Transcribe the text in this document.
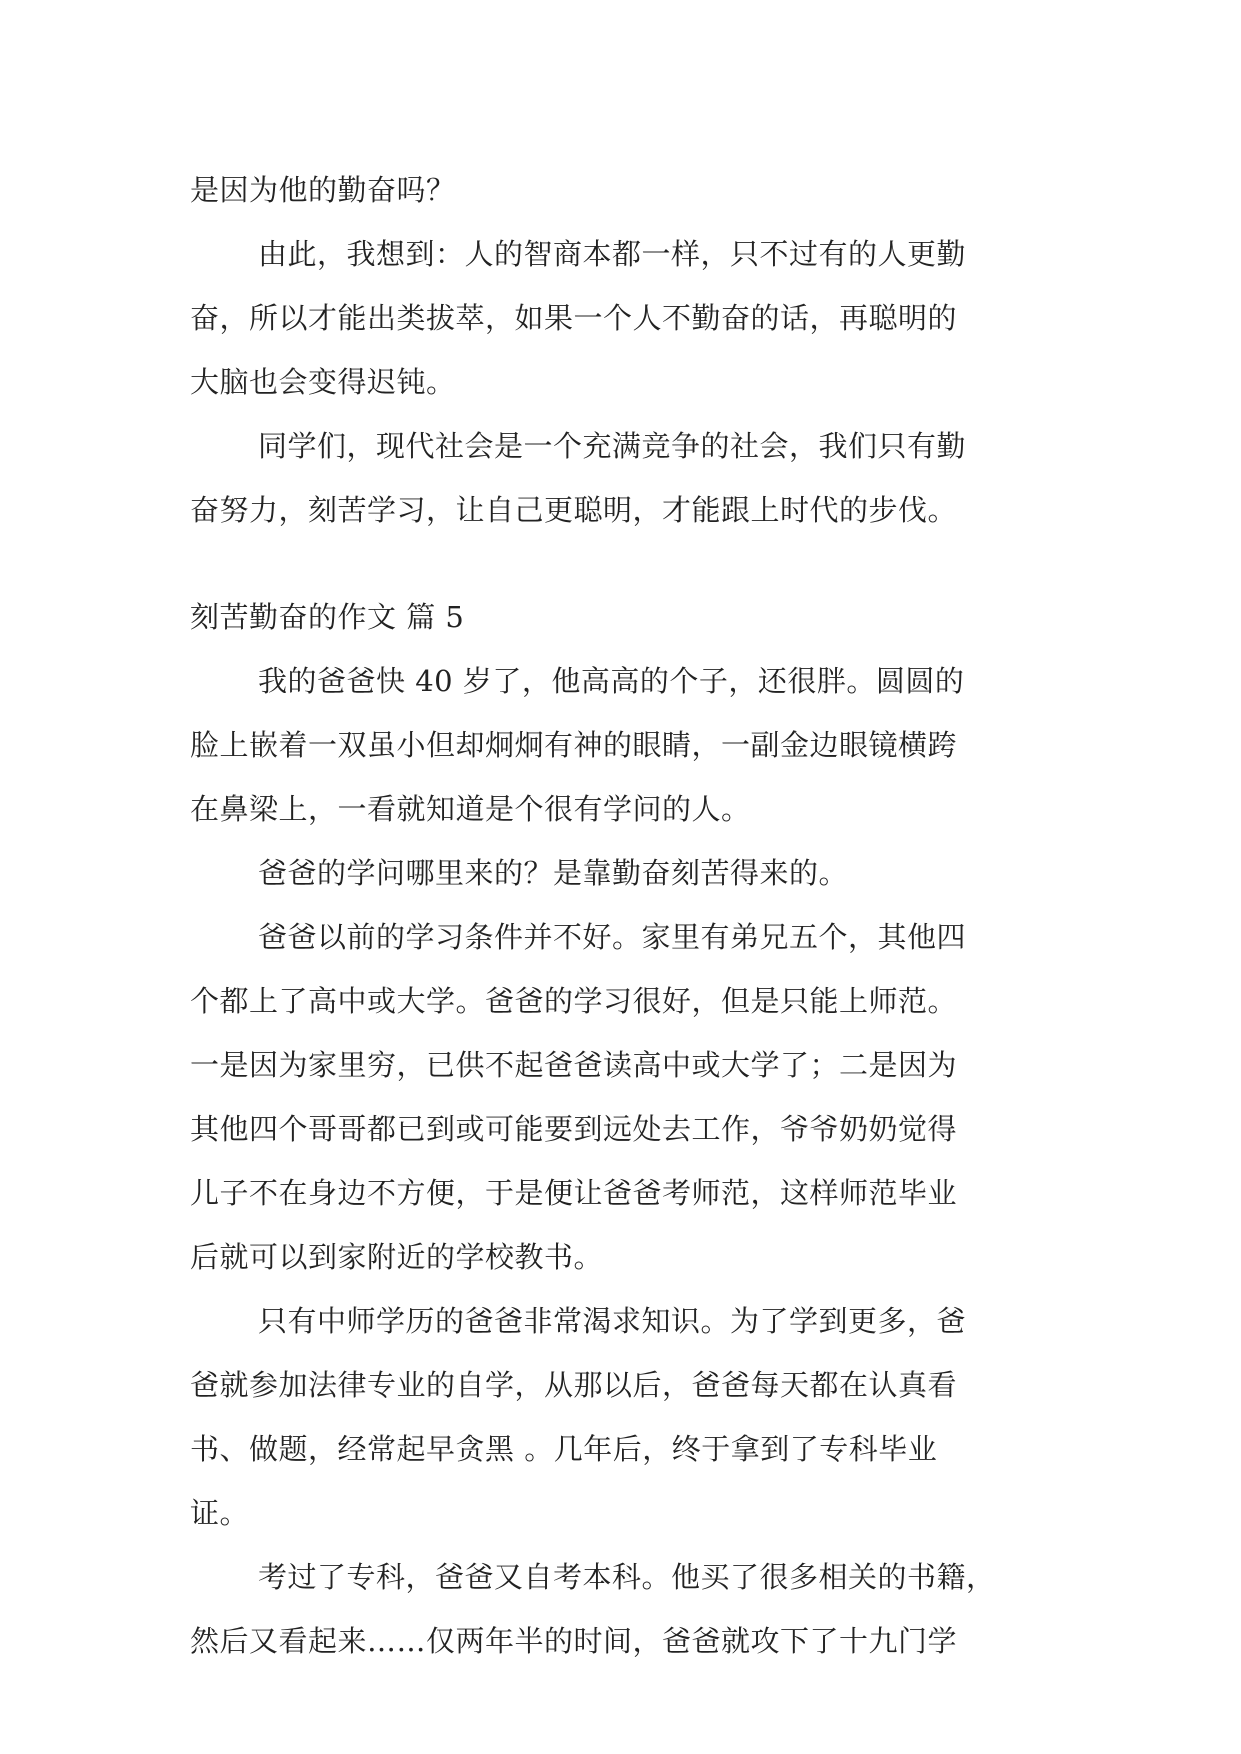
是因为他的勤奋吗？
由此，我想到：人的智商本都一样，只不过有的人更勤
奋，所以才能出类拔萃，如果一个人不勤奋的话，再聪明的
大脑也会变得迟钝。
同学们，现代社会是一个充满竞争的社会，我们只有勤
奋努力，刻苦学习，让自己更聪明，才能跟上时代的步伐。
刻苦勤奋的作文 篇 5
我的爸爸快 40 岁了，他高高的个子，还很胖。圆圆的
脸上嵌着一双虽小但却炯炯有神的眼睛，一副金边眼镜横跨
在鼻梁上，一看就知道是个很有学问的人。
爸爸的学问哪里来的？是靠勤奋刻苦得来的。
爸爸以前的学习条件并不好。家里有弟兄五个，其他四
个都上了高中或大学。爸爸的学习很好，但是只能上师范。
一是因为家里穷，已供不起爸爸读高中或大学了；二是因为
其他四个哥哥都已到或可能要到远处去工作，爷爷奶奶觉得
儿子不在身边不方便，于是便让爸爸考师范，这样师范毕业
后就可以到家附近的学校教书。
只有中师学历的爸爸非常渴求知识。为了学到更多，爸
爸就参加法律专业的自学，从那以后，爸爸每天都在认真看
书、做题，经常起早贪黑 。几年后，终于拿到了专科毕业
证。
考过了专科，爸爸又自考本科。他买了很多相关的书籍，
然后又看起来……仅两年半的时间，爸爸就攻下了十九门学
